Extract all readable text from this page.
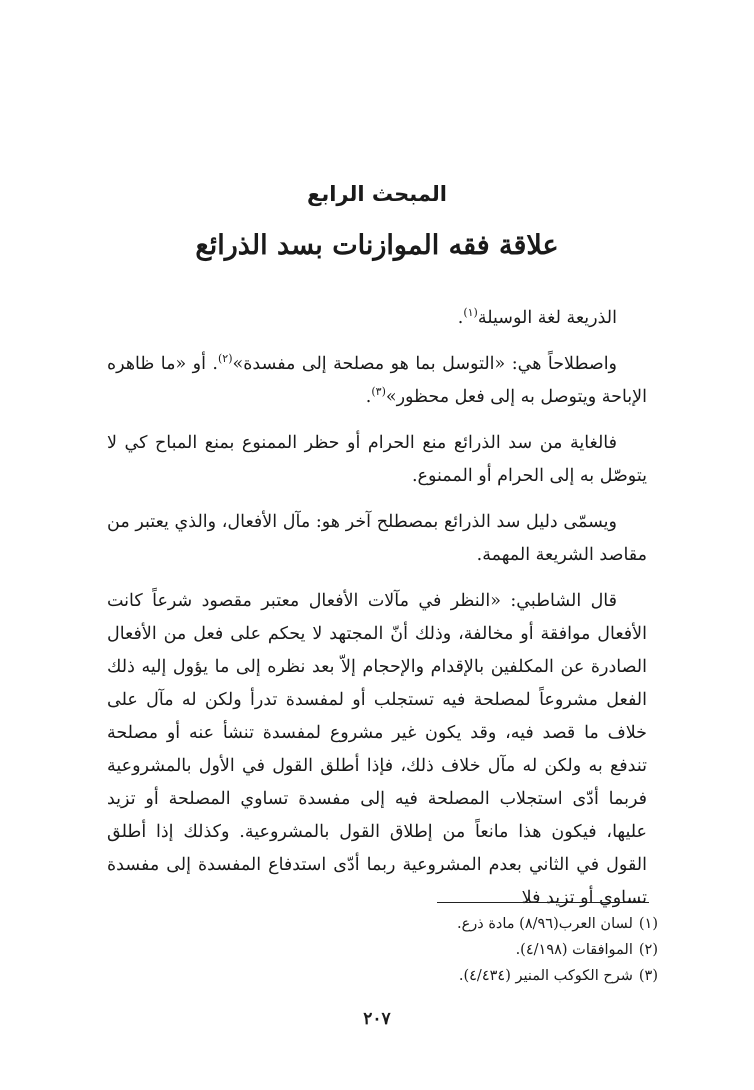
المبحث الرابع
علاقة فقه الموازنات بسد الذرائع

الذريعة لغة الوسيلة$^{(١)}$.

واصطلاحاً هي: «التوسل بما هو مصلحة إلى مفسدة»$^{(٢)}$. أو «ما ظاهره الإباحة ويتوصل به إلى فعل محظور»$^{(٣)}$.

فالغاية من سد الذرائع منع الحرام أو حظر الممنوع بمنع المباح كي لا يتوصّل به إلى الحرام أو الممنوع.

ويسمّى دليل سد الذرائع بمصطلح آخر هو: مآل الأفعال، والذي يعتبر من مقاصد الشريعة المهمة.

قال الشاطبي: «النظر في مآلات الأفعال معتبر مقصود شرعاً كانت الأفعال موافقة أو مخالفة، وذلك أنّ المجتهد لا يحكم على فعل من الأفعال الصادرة عن المكلفين بالإقدام والإحجام إلاّ بعد نظره إلى ما يؤول إليه ذلك الفعل مشروعاً لمصلحة فيه تستجلب أو لمفسدة تدرأ ولكن له مآل على خلاف ما قصد فيه، وقد يكون غير مشروع لمفسدة تنشأ عنه أو مصلحة تندفع به ولكن له مآل خلاف ذلك، فإذا أطلق القول في الأول بالمشروعية فربما أدّى استجلاب المصلحة فيه إلى مفسدة تساوي المصلحة أو تزيد عليها، فيكون هذا مانعاً من إطلاق القول بالمشروعية. وكذلك إذا أطلق القول في الثاني بعدم المشروعية ربما أدّى استدفاع المفسدة إلى مفسدة تساوي أو تزيد فلا

(١)
لسان العرب(٨/٩٦) مادة ذرع.
(٢)
الموافقات (٤/١٩٨).
(٣)
شرح الكوكب المنير (٤/٤٣٤).
٢٠٧
